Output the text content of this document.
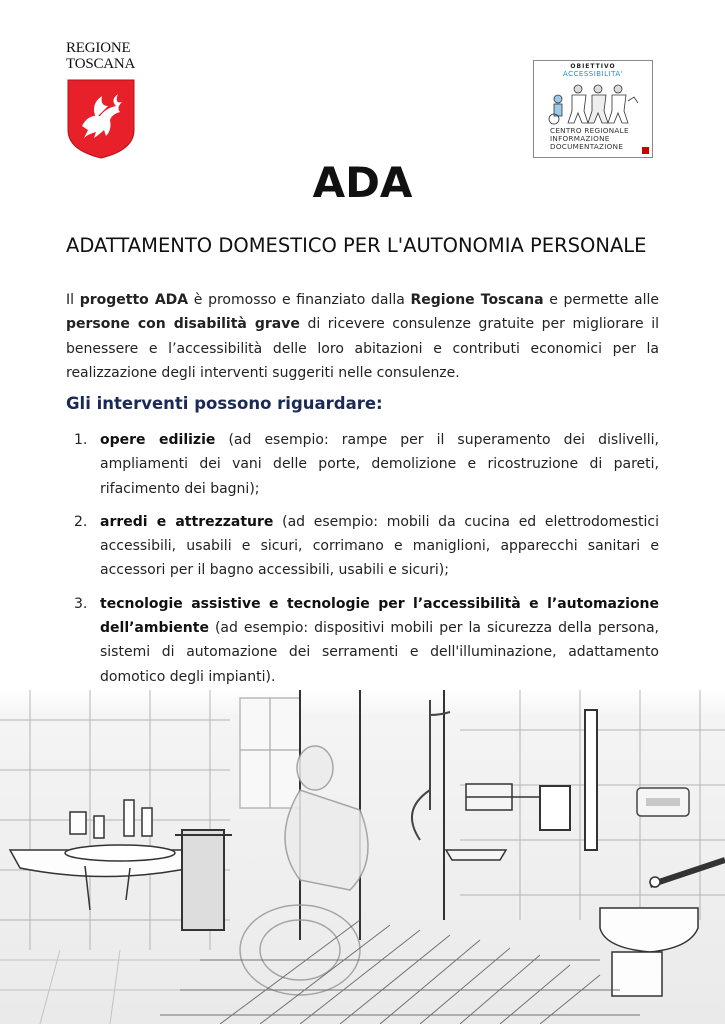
REGIONE
TOSCANA	OBIETTIVO
ACCESSIBILITA'
CENTRO REGIONALE
INFORMAZIONE
DOCUMENTAZIONE
ADA
ADATTAMENTO DOMESTICO PER L'AUTONOMIA PERSONALE

Il progetto ADA è promosso e finanziato dalla Regione Toscana e permette alle persone con disabilità grave di ricevere consulenze gratuite per migliorare il benessere e l’accessibilità delle loro abitazioni e contributi economici per la realizzazione degli interventi suggeriti nelle consulenze.

Gli interventi possono riguardare:
1. opere edilizie (ad esempio: rampe per il superamento dei dislivelli, ampliamenti dei vani delle porte, demolizione e ricostruzione di pareti, rifacimento dei bagni);
2. arredi e attrezzature (ad esempio: mobili da cucina ed elettrodomestici accessibili, usabili e sicuri, corrimano e maniglioni, apparecchi sanitari e accessori per il bagno accessibili, usabili e sicuri);
3. tecnologie assistive e tecnologie per l’accessibilità e l’automazione dell’ambiente (ad esempio: dispositivi mobili per la sicurezza della persona, sistemi di automazione dei serramenti e dell'illuminazione, adattamento domotico degli impianti).
